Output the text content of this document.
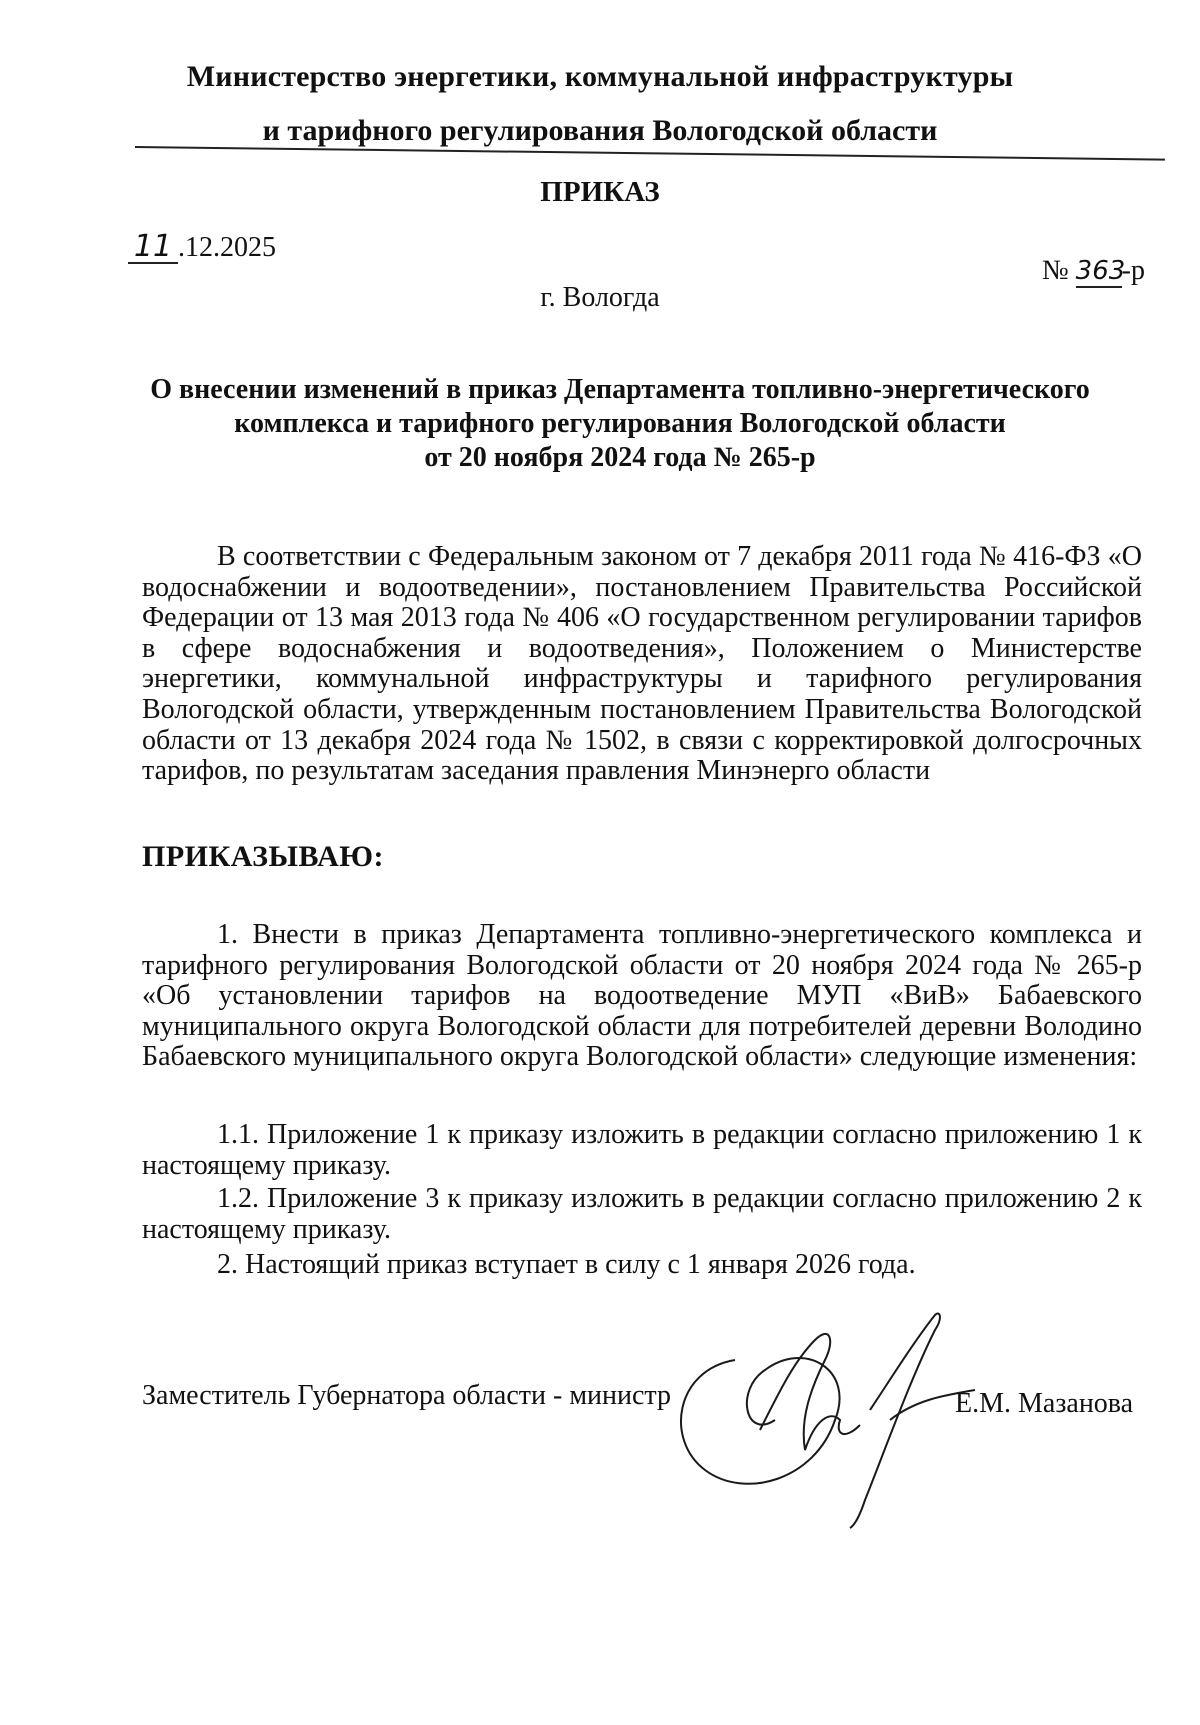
Министерство энергетики, коммунальной инфраструктуры
и тарифного регулирования Вологодской области
ПРИКАЗ
11 .12.2025
№ 363-р
г. Вологда
О внесении изменений в приказ Департамента топливно-энергетического
комплекса и тарифного регулирования Вологодской области
от 20 ноября 2024 года № 265-р
В соответствии с Федеральным законом от 7 декабря 2011 года № 416-ФЗ «О водоснабжении и водоотведении», постановлением Правительства Российской Федерации от 13 мая 2013 года № 406 «О государственном регулировании тарифов в сфере водоснабжения и водоотведения», Положением о Министерстве энергетики, коммунальной инфраструктуры и тарифного регулирования Вологодской области, утвержденным постановлением Правительства Вологодской области от 13 декабря 2024 года № 1502, в связи с корректировкой долгосрочных тарифов, по результатам заседания правления Минэнерго области
ПРИКАЗЫВАЮ:
1. Внести в приказ Департамента топливно-энергетического комплекса и тарифного регулирования Вологодской области от 20 ноября 2024 года № 265-р «Об установлении тарифов на водоотведение МУП «ВиВ» Бабаевского муниципального округа Вологодской области для потребителей деревни Володино Бабаевского муниципального округа Вологодской области» следующие изменения:
1.1. Приложение 1 к приказу изложить в редакции согласно приложению 1 к настоящему приказу.
1.2. Приложение 3 к приказу изложить в редакции согласно приложению 2 к настоящему приказу.
2. Настоящий приказ вступает в силу с 1 января 2026 года.
Заместитель Губернатора области - министр	Е.М. Мазанова
